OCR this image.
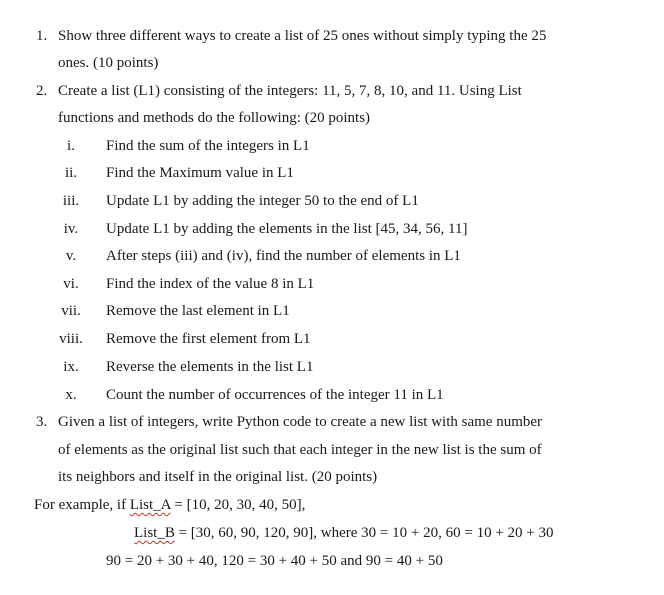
1. Show three different ways to create a list of 25 ones without simply typing the 25
ones. (10 points)
2. Create a list (L1) consisting of the integers: 11, 5, 7, 8, 10, and 11. Using List
functions and methods do the following: (20 points)
i.	Find the sum of the integers in L1
ii.	Find the Maximum value in L1
iii.	Update L1 by adding the integer 50 to the end of L1
iv.	Update L1 by adding the elements in the list [45, 34, 56, 11]
v.	After steps (iii) and (iv), find the number of elements in L1
vi.	Find the index of the value 8 in L1
vii.	Remove the last element in L1
viii.	Remove the first element from L1
ix.	Reverse the elements in the list L1
x.	Count the number of occurrences of the integer 11 in L1
3. Given a list of integers, write Python code to create a new list with same number
of elements as the original list such that each integer in the new list is the sum of
its neighbors and itself in the original list. (20 points)
For example, if List_A = [10, 20, 30, 40, 50],
List_B = [30, 60, 90, 120, 90], where 30 = 10 + 20, 60 = 10 + 20 + 30
90 = 20 + 30 + 40, 120 = 30 + 40 + 50 and 90 = 40 + 50
